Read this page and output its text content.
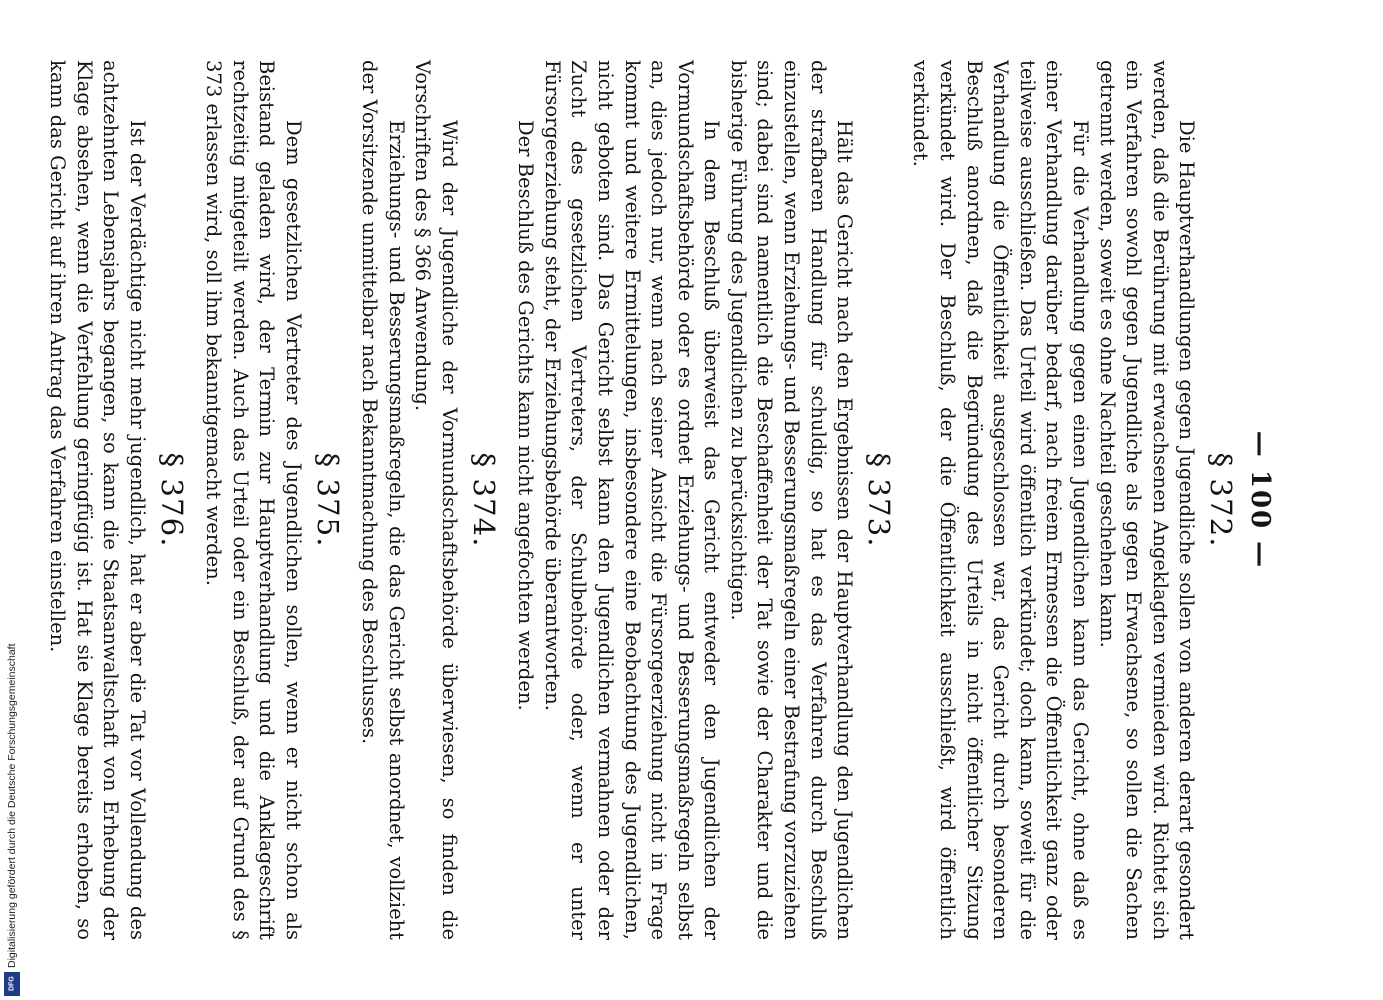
— 100 —
§ 372.

Die Hauptverhandlungen gegen Jugendliche sollen von anderen derart gesondert werden, daß die Berührung mit erwachsenen Angeklagten vermieden wird. Richtet sich ein Verfahren sowohl gegen Jugendliche als gegen Erwachsene, so sollen die Sachen getrennt werden, soweit es ohne Nachteil geschehen kann.

Für die Verhandlung gegen einen Jugendlichen kann das Gericht, ohne daß es einer Verhandlung darüber bedarf, nach freiem Ermessen die Öffentlichkeit ganz oder teilweise ausschließen. Das Urteil wird öffentlich verkündet; doch kann, soweit für die Verhandlung die Öffentlichkeit ausgeschlossen war, das Gericht durch besonderen Beschluß anordnen, daß die Begründung des Urteils in nicht öffentlicher Sitzung verkündet wird. Der Beschluß, der die Öffentlichkeit ausschließt, wird öffentlich verkündet.

§ 373.

Hält das Gericht nach den Ergebnissen der Hauptverhandlung den Jugendlichen der strafbaren Handlung für schuldig, so hat es das Verfahren durch Beschluß einzustellen, wenn Erziehungs- und Besserungsmaßregeln einer Bestrafung vorzuziehen sind; dabei sind namentlich die Beschaffenheit der Tat sowie der Charakter und die bisherige Führung des Jugendlichen zu berücksichtigen.

In dem Beschluß überweist das Gericht entweder den Jugendlichen der Vormundschaftsbehörde oder es ordnet Erziehungs- und Besserungsmaßregeln selbst an, dies jedoch nur, wenn nach seiner Ansicht die Fürsorgeerziehung nicht in Frage kommt und weitere Ermittelungen, insbesondere eine Beobachtung des Jugendlichen, nicht geboten sind. Das Gericht selbst kann den Jugendlichen vermahnen oder der Zucht des gesetzlichen Vertreters, der Schulbehörde oder, wenn er unter Fürsorgeerziehung steht, der Erziehungsbehörde überantworten.

Der Beschluß des Gerichts kann nicht angefochten werden.

§ 374.

Wird der Jugendliche der Vormundschaftsbehörde überwiesen, so finden die Vorschriften des § 366 Anwendung.

Erziehungs- und Besserungsmaßregeln, die das Gericht selbst anordnet, vollzieht der Vorsitzende unmittelbar nach Bekanntmachung des Beschlusses.

§ 375.

Dem gesetzlichen Vertreter des Jugendlichen sollen, wenn er nicht schon als Beistand geladen wird, der Termin zur Hauptverhandlung und die Anklageschrift rechtzeitig mitgeteilt werden. Auch das Urteil oder ein Beschluß, der auf Grund des § 373 erlassen wird, soll ihm bekanntgemacht werden.

§ 376.

Ist der Verdächtige nicht mehr jugendlich, hat er aber die Tat vor Vollendung des achtzehnten Lebensjahrs begangen, so kann die Staatsanwaltschaft von Erhebung der Klage absehen, wenn die Verfehlung geringfügig ist. Hat sie Klage bereits erhoben, so kann das Gericht auf ihren Antrag das Verfahren einstellen.

Digitalisierung gefördert durch die Deutsche Forschungsgemeinschaft
DFG
